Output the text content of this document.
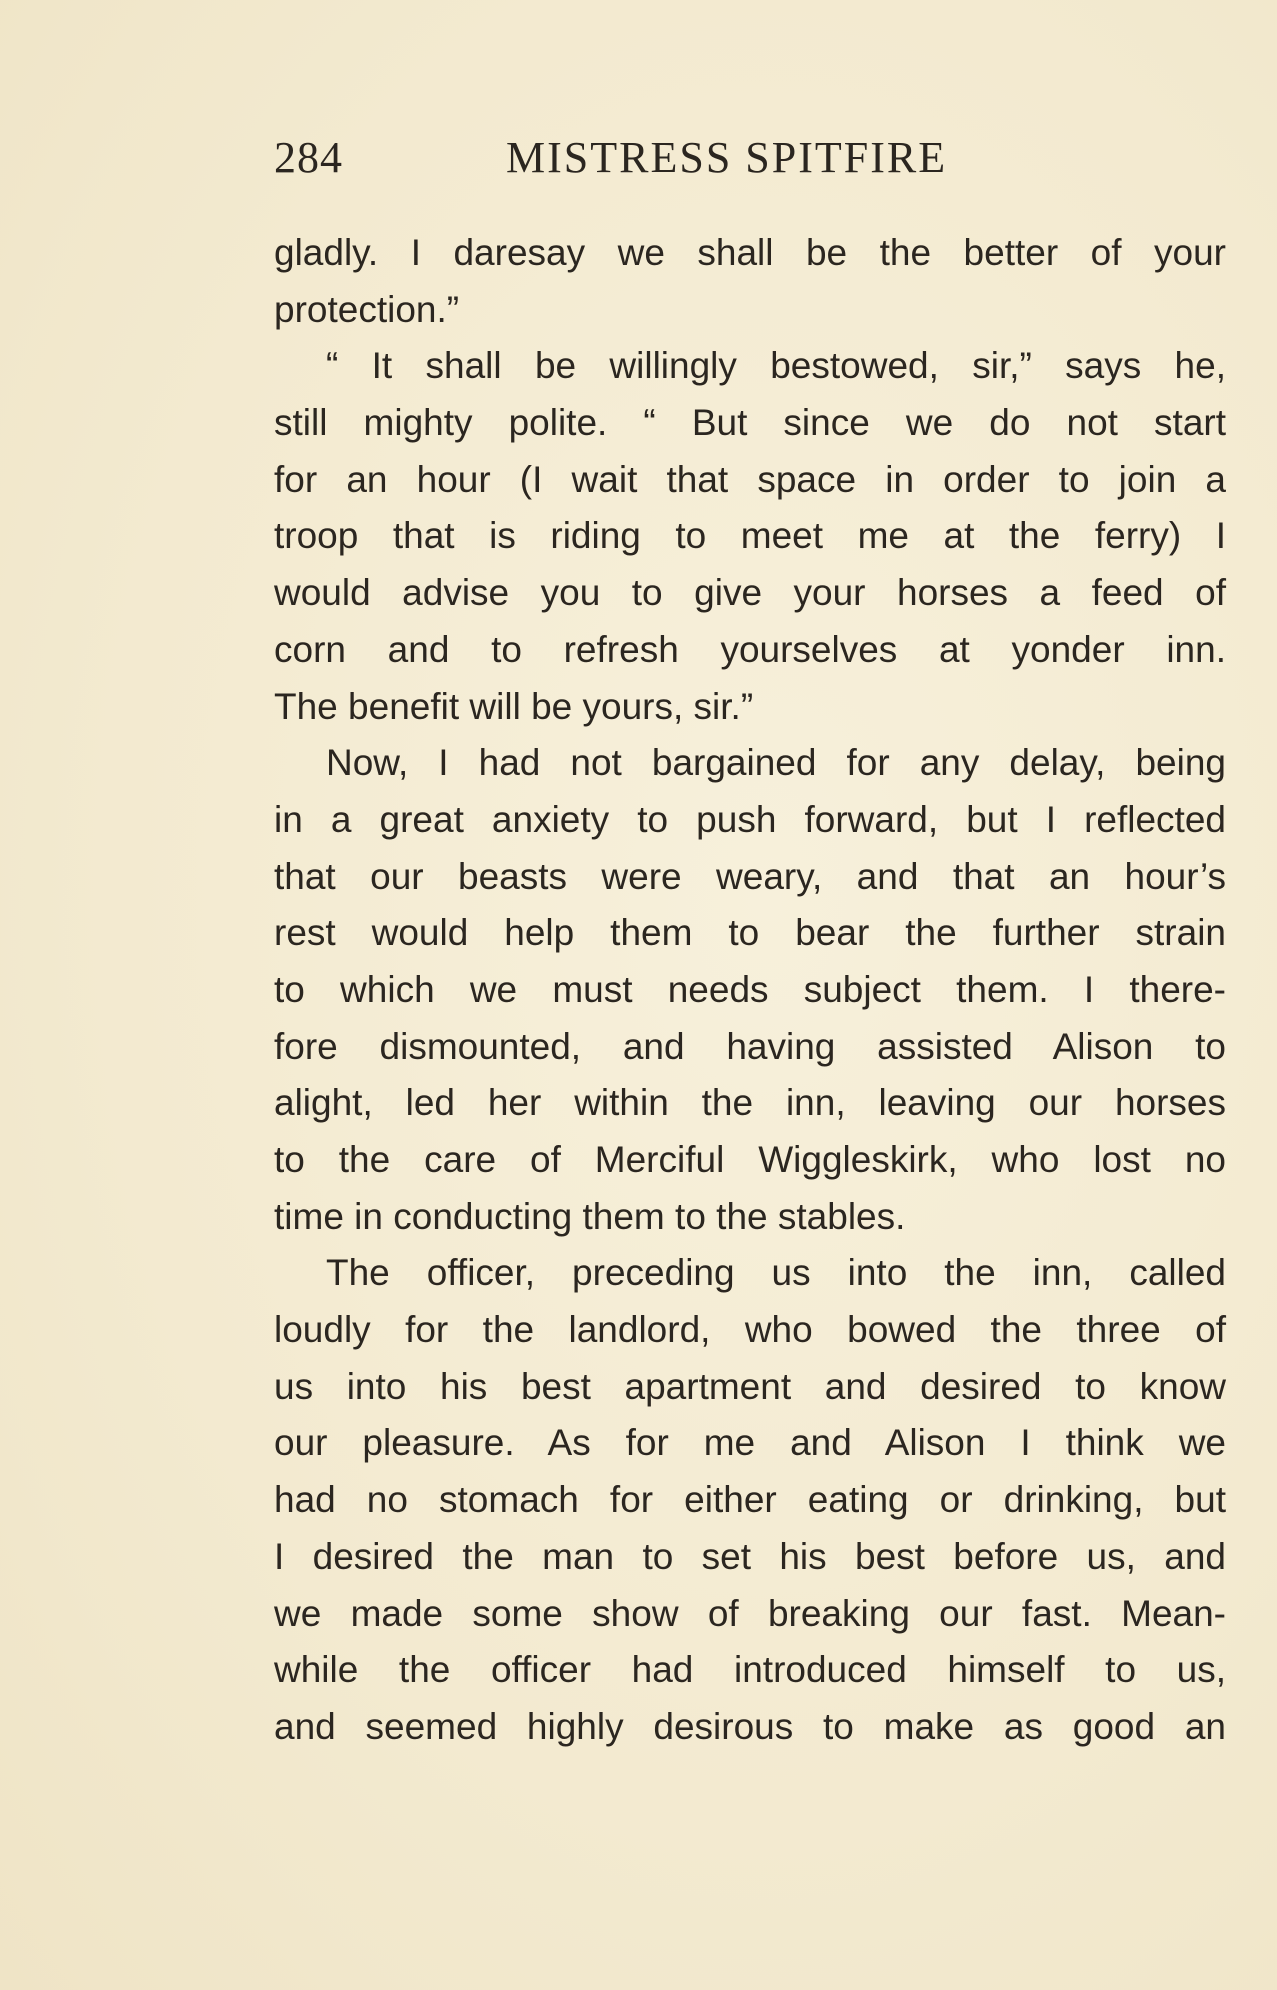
284	MISTRESS SPITFIRE
gladly. I daresay we shall be the better of your
protection.”
“ It shall be willingly bestowed, sir,” says he,
still mighty polite. “ But since we do not start
for an hour (I wait that space in order to join a
troop that is riding to meet me at the ferry) I
would advise you to give your horses a feed of
corn and to refresh yourselves at yonder inn.
The benefit will be yours, sir.”
Now, I had not bargained for any delay, being
in a great anxiety to push forward, but I reflected
that our beasts were weary, and that an hour’s
rest would help them to bear the further strain
to which we must needs subject them. I there-
fore dismounted, and having assisted Alison to
alight, led her within the inn, leaving our horses
to the care of Merciful Wiggleskirk, who lost no
time in conducting them to the stables.
The officer, preceding us into the inn, called
loudly for the landlord, who bowed the three of
us into his best apartment and desired to know
our pleasure. As for me and Alison I think we
had no stomach for either eating or drinking, but
I desired the man to set his best before us, and
we made some show of breaking our fast. Mean-
while the officer had introduced himself to us,
and seemed highly desirous to make as good an
